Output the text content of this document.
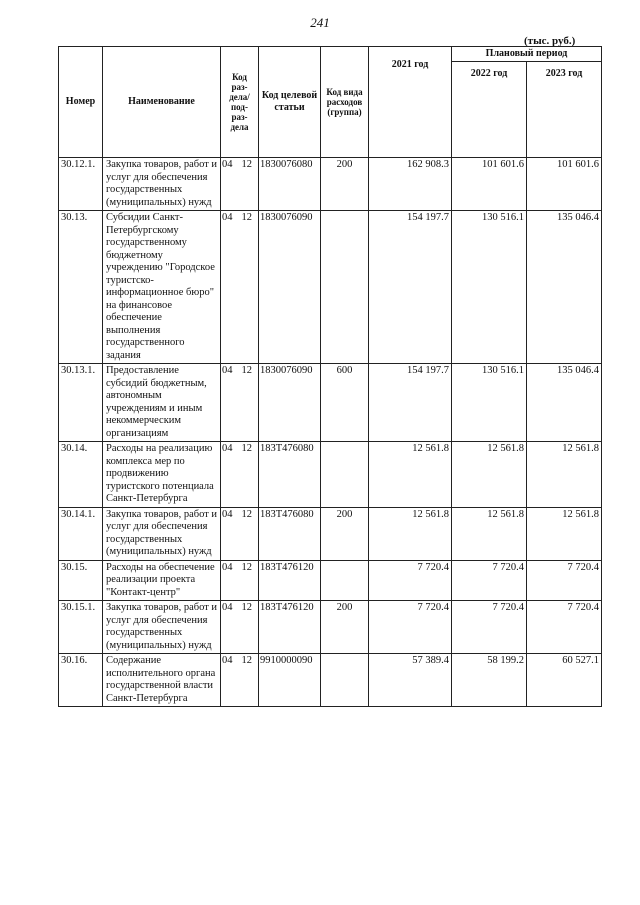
241
(тыс. руб.)
Номер	Наименование	Код раз-дела/ под-раз-дела	Код целевой статьи	Код вида расходов (группа)	2021 год	Плановый период	
						2022 год	2023 год
30.12.1.	Закупка товаров, работ и услуг для обеспечения государственных (муниципальных) нужд	04 12	1830076080	200	162 908.3	101 601.6	101 601.6
30.13.	Субсидии Санкт-Петербургскому государственному бюджетному учреждению "Городское туристско-информационное бюро" на финансовое обеспечение выполнения государственного задания	04 12	1830076090		154 197.7	130 516.1	135 046.4
30.13.1.	Предоставление субсидий бюджетным, автономным учреждениям и иным некоммерческим организациям	04 12	1830076090	600	154 197.7	130 516.1	135 046.4
30.14.	Расходы на реализацию комплекса мер по продвижению туристского потенциала Санкт-Петербурга	04 12	183Т476080		12 561.8	12 561.8	12 561.8
30.14.1.	Закупка товаров, работ и услуг для обеспечения государственных (муниципальных) нужд	04 12	183Т476080	200	12 561.8	12 561.8	12 561.8
30.15.	Расходы на обеспечение реализации проекта "Контакт-центр"	04 12	183Т476120		7 720.4	7 720.4	7 720.4
30.15.1.	Закупка товаров, работ и услуг для обеспечения государственных (муниципальных) нужд	04 12	183Т476120	200	7 720.4	7 720.4	7 720.4
30.16.	Содержание исполнительного органа государственной власти Санкт-Петербурга	04 12	9910000090		57 389.4	58 199.2	60 527.1
